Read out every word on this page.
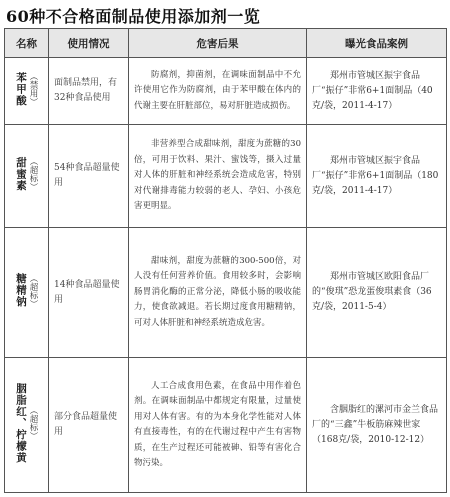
60种不合格面制品使用添加剂一览
名称	使用情况	危害后果	曝光食品案例

苯甲酸 （禁用）	面制品禁用，有32种食品使用	防腐剂，抑菌剂，在调味面制品中不允许使用它作为防腐剂，由于苯甲酸在体内的代谢主要在肝脏部位，易对肝脏造成损伤。	郑州市管城区振宇食品厂“振仔”非常6+1面制品（40克/袋，2011-4-17）

甜蜜素 （超标）	54种食品超量使用	非营养型合成甜味剂，甜度为蔗糖的30倍，可用于饮料、果汁、蜜饯等，摄入过量对人体的肝脏和神经系统会造成危害，特别对代谢排毒能力较弱的老人、孕妇、小孩危害更明显。	郑州市管城区振宇食品厂“振仔”非常6+1面制品（180克/袋，2011-4-17）

糖精钠 （超标）	14种食品超量使用	甜味剂，甜度为蔗糖的300-500倍，对人没有任何营养价值。食用较多时，会影响肠胃消化酶的正常分泌，降低小肠的吸收能力，使食欲减退。若长期过度食用糖精钠，可对人体肝脏和神经系统造成危害。	郑州市管城区欧阳食品厂的“俊琪”恐龙蛋俊琪素食（36克/袋，2011-5-4）

胭脂红、柠檬黄 （超标）	部分食品超量使用	人工合成食用色素，在食品中用作着色剂。在调味面制品中都规定有限量，过量使用对人体有害。有的为本身化学性能对人体有直接毒性，有的在代谢过程中产生有害物质，在生产过程还可能被砷、铅等有害化合物污染。	含胭脂红的漯河市金兰食品厂的“三鑫”牛板筋麻辣世家（168克/袋，2010-12-12）
